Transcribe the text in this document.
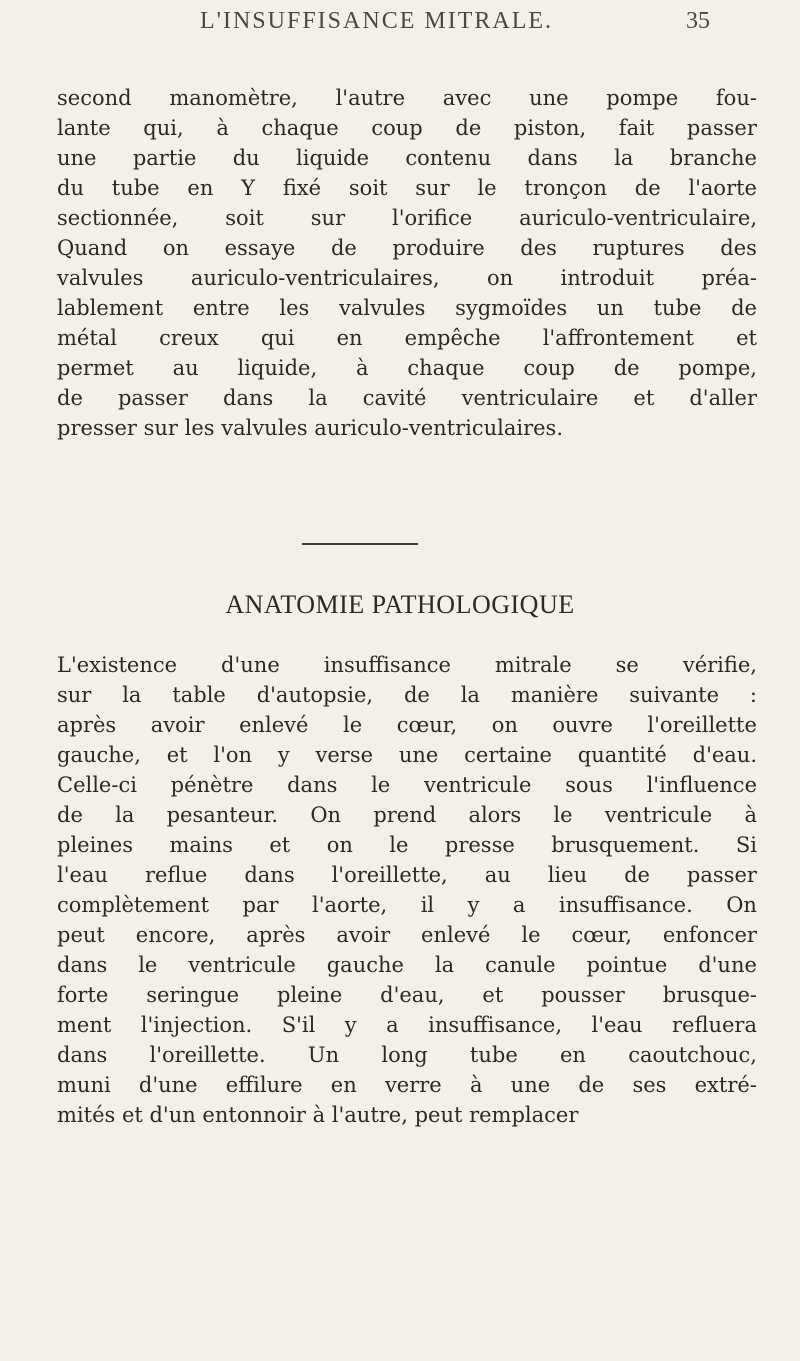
L'INSUFFISANCE MITRALE.	35
second manomètre, l'autre avec une pompe fou-
lante qui, à chaque coup de piston, fait passer
une partie du liquide contenu dans la branche
du tube en Y fixé soit sur le tronçon de l'aorte
sectionnée, soit sur l'orifice auriculo-ventriculaire,
Quand on essaye de produire des ruptures des
valvules auriculo-ventriculaires, on introduit préa-
lablement entre les valvules sygmoïdes un tube de
métal creux qui en empêche l'affrontement et
permet au liquide, à chaque coup de pompe,
de passer dans la cavité ventriculaire et d'aller
presser sur les valvules auriculo-ventriculaires.
ANATOMIE PATHOLOGIQUE
L'existence d'une insuffisance mitrale se vérifie,
sur la table d'autopsie, de la manière suivante :
après avoir enlevé le cœur, on ouvre l'oreillette
gauche, et l'on y verse une certaine quantité d'eau.
Celle-ci pénètre dans le ventricule sous l'influence
de la pesanteur. On prend alors le ventricule à
pleines mains et on le presse brusquement. Si
l'eau reflue dans l'oreillette, au lieu de passer
complètement par l'aorte, il y a insuffisance. On
peut encore, après avoir enlevé le cœur, enfoncer
dans le ventricule gauche la canule pointue d'une
forte seringue pleine d'eau, et pousser brusque-
ment l'injection. S'il y a insuffisance, l'eau refluera
dans l'oreillette. Un long tube en caoutchouc,
muni d'une effilure en verre à une de ses extré-
mités et d'un entonnoir à l'autre, peut remplacer
